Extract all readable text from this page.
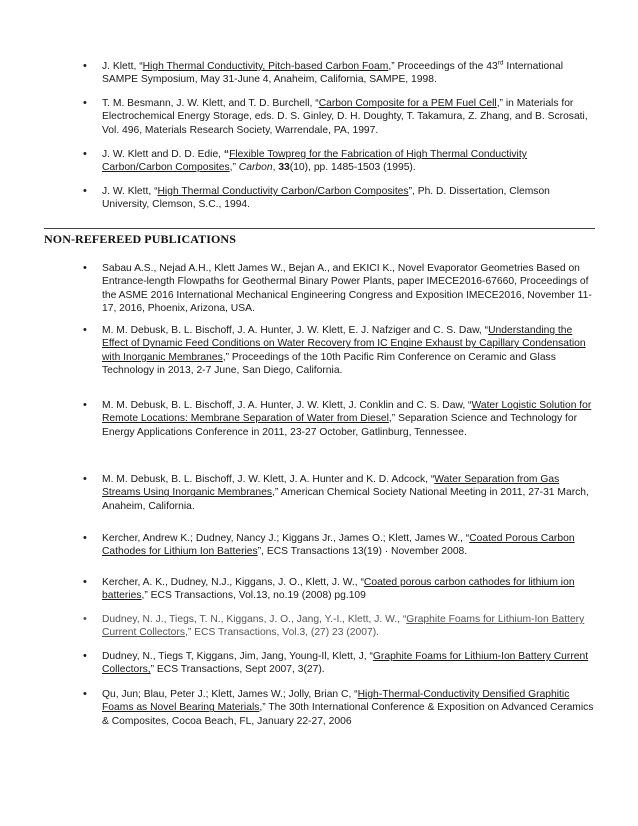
• J. Klett, “High Thermal Conductivity, Pitch-based Carbon Foam,” Proceedings of the 43rd International SAMPE Symposium, May 31-June 4, Anaheim, California, SAMPE, 1998.
• T. M. Besmann, J. W. Klett, and T. D. Burchell, “Carbon Composite for a PEM Fuel Cell,” in Materials for Electrochemical Energy Storage, eds. D. S. Ginley, D. H. Doughty, T. Takamura, Z. Zhang, and B. Scrosati, Vol. 496, Materials Research Society, Warrendale, PA, 1997.
• J. W. Klett and D. D. Edie, “Flexible Towpreg for the Fabrication of High Thermal Conductivity Carbon/Carbon Composites,” Carbon, 33(10), pp. 1485-1503 (1995).
• J. W. Klett, “High Thermal Conductivity Carbon/Carbon Composites”, Ph. D. Dissertation, Clemson University, Clemson, S.C., 1994.
NON-REFEREED PUBLICATIONS
• Sabau A.S., Nejad A.H., Klett James W., Bejan A., and EKICI K., Novel Evaporator Geometries Based on Entrance-length Flowpaths for Geothermal Binary Power Plants, paper IMECE2016-67660, Proceedings of the ASME 2016 International Mechanical Engineering Congress and Exposition IMECE2016, November 11-17, 2016, Phoenix, Arizona, USA.
• M. M. Debusk, B. L. Bischoff, J. A. Hunter, J. W. Klett, E. J. Nafziger and C. S. Daw, “Understanding the Effect of Dynamic Feed Conditions on Water Recovery from IC Engine Exhaust by Capillary Condensation with Inorganic Membranes,” Proceedings of the 10th Pacific Rim Conference on Ceramic and Glass Technology in 2013, 2-7 June, San Diego, California.
• M. M. Debusk, B. L. Bischoff, J. A. Hunter, J. W. Klett, J. Conklin and C. S. Daw, “Water Logistic Solution for Remote Locations: Membrane Separation of Water from Diesel,” Separation Science and Technology for Energy Applications Conference in 2011, 23-27 October, Gatlinburg, Tennessee.
• M. M. Debusk, B. L. Bischoff, J. W. Klett, J. A. Hunter and K. D. Adcock, “Water Separation from Gas Streams Using Inorganic Membranes,” American Chemical Society National Meeting in 2011, 27-31 March, Anaheim, California.
• Kercher, Andrew K.; Dudney, Nancy J.; Kiggans Jr., James O.; Klett, James W., “Coated Porous Carbon Cathodes for Lithium Ion Batteries”, ECS Transactions 13(19) · November 2008.
• Kercher, A. K., Dudney, N.J., Kiggans, J. O., Klett, J. W., “Coated porous carbon cathodes for lithium ion batteries,” ECS Transactions, Vol.13, no.19 (2008) pg.109
• Dudney, N. J., Tiegs, T. N., Kiggans, J. O., Jang, Y.-I., Klett, J. W., “Graphite Foams for Lithium-Ion Battery Current Collectors,” ECS Transactions, Vol.3, (27) 23 (2007).
• Dudney, N., Tiegs T, Kiggans, Jim, Jang, Young-Il, Klett, J, “Graphite Foams for Lithium-Ion Battery Current Collectors,” ECS Transactions, Sept 2007, 3(27).
• Qu, Jun; Blau, Peter J.; Klett, James W.; Jolly, Brian C, “High-Thermal-Conductivity Densified Graphitic Foams as Novel Bearing Materials,” The 30th International Conference & Exposition on Advanced Ceramics & Composites, Cocoa Beach, FL, January 22-27, 2006
